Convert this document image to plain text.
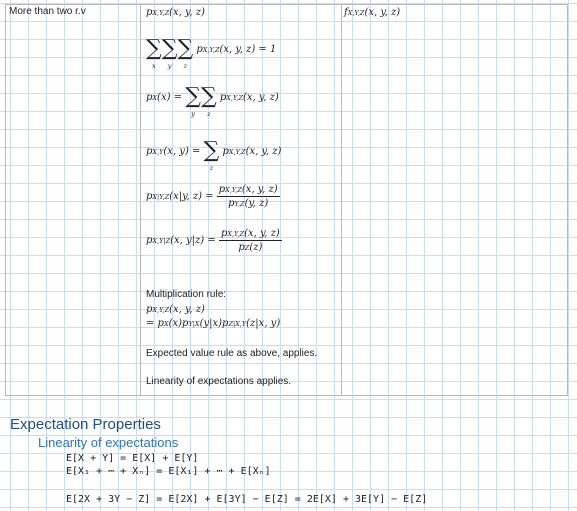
More than two r.v	pX,Y,Z(x, y, z)	fX,Y,Z(x, y, z)
∑
x∑
y∑
z pX,Y,Z(x, y, z) = 1
pX(x) = ∑
y∑
z pX,Y,Z(x, y, z)
pX,Y(x, y) = ∑
z pX,Y,Z(x, y, z)
pX|Y,Z(x|y, $z) = \frac{pX,Y,Z(x, y, z)}{pY,Z(y, z)}$
pX,Y|Z(x, $y|z) = \frac{pX,Y,Z(x, y, z)}{pZ(z)}$
Multiplication rule:
pX,Y,Z(x, y, z)
= pX(x)pY|X(y|x)pZ|X,Y(z|x, y)
Expected value rule as above, applies.
Linearity of expectations applies.
Expectation Properties
Linearity of expectations
E[X + Y] = E[X] + E[Y]
E[X₁ + ⋯ + Xₙ] = E[X₁] + ⋯ + E[Xₙ]
E[2X + 3Y − Z] = E[2X] + E[3Y] − E[Z] = 2E[X] + 3E[Y] − E[Z]
